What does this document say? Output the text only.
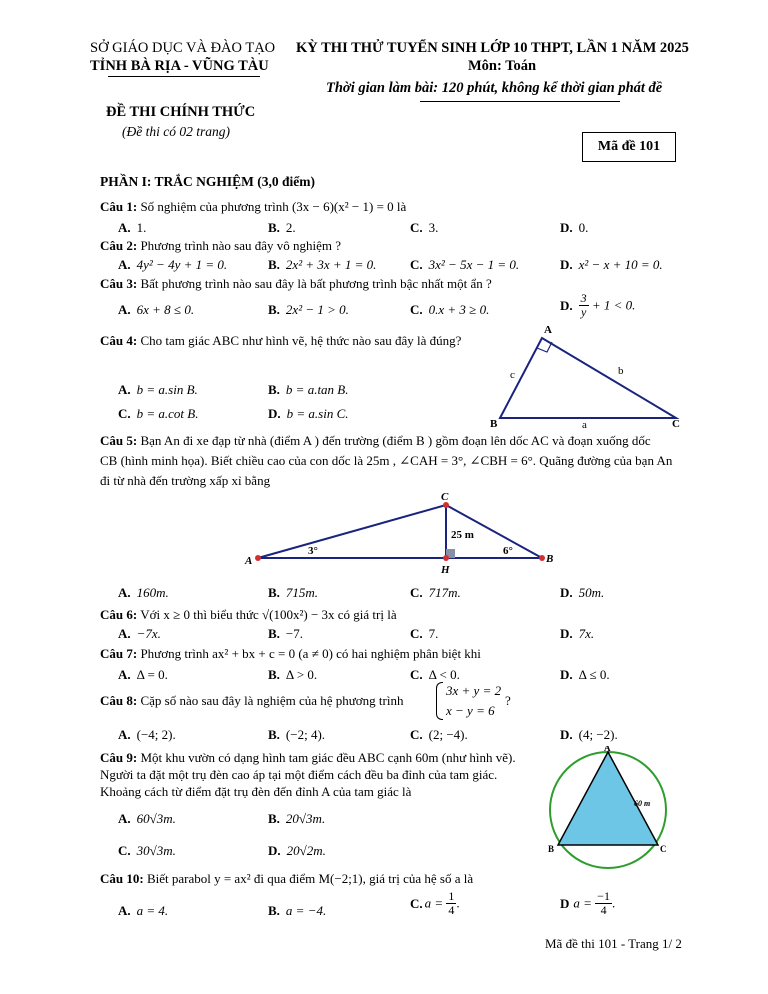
SỞ GIÁO DỤC VÀ ĐÀO TẠO
TỈNH BÀ RỊA - VŨNG TÀU
KỲ THI THỬ TUYỂN SINH LỚP 10 THPT, LẦN 1 NĂM 2025
Môn: Toán
Thời gian làm bài: 120 phút, không kể thời gian phát đề
ĐỀ THI CHÍNH THỨC
(Đề thi có 02 trang)
Mã đề 101
PHẦN I: TRẮC NGHIỆM (3,0 điểm)
Câu 1: Số nghiệm của phương trình (3x − 6)(x² − 1) = 0 là
A. 1.	B. 2.	C. 3.	D. 0.
Câu 2: Phương trình nào sau đây vô nghiệm ?
A. 4y² − 4y + 1 = 0.	B. 2x² + 3x + 1 = 0.	C. 3x² − 5x − 1 = 0.	D. x² − x + 10 = 0.
Câu 3: Bất phương trình nào sau đây là bất phương trình bậc nhất một ẩn ?
A. 6x + 8 ≤ 0.	B. 2x² − 1 > 0.	C. 0.x + 3 ≥ 0.	D. $\frac{3}{y} + 1 < 0$.
Câu 4: Cho tam giác ABC như hình vẽ, hệ thức nào sau đây là đúng?
A. b = a.sin B.	B. b = a.tan B.
C. b = a.cot B.	D. b = a.sin C.
A
B	C
a
b
c
Câu 5: Bạn An đi xe đạp từ nhà (điểm A ) đến trường (điểm B ) gồm đoạn lên dốc AC và đoạn xuống dốc
CB (hình minh họa). Biết chiều cao của con dốc là 25m , ∠CAH = 3°, ∠CBH = 6°. Quãng đường của bạn An
đi từ nhà đến trường xấp xỉ bằng
A
C
H
B
25 m
3°	6°
A. 160m.	B. 715m.	C. 717m.	D. 50m.
Câu 6: Với x ≥ 0 thì biểu thức √(100x²) − 3x có giá trị là
A. −7x.	B. −7.	C. 7.	D. 7x.
Câu 7: Phương trình ax² + bx + c = 0 (a ≠ 0) có hai nghiệm phân biệt khi
A. Δ = 0.	B. Δ > 0.	C. Δ < 0.	D. Δ ≤ 0.
Câu 8: Cặp số nào sau đây là nghiệm của hệ phương trình
3x + y = 2
x − y = 6
?
A. (−4; 2).	B. (−2; 4).	C. (2; −4).	D. (4; −2).
Câu 9: Một khu vườn có dạng hình tam giác đều ABC cạnh 60m (như hình vẽ).
Người ta đặt một trụ đèn cao áp tại một điểm cách đều ba đỉnh của tam giác.
Khoảng cách từ điểm đặt trụ đèn đến đỉnh A của tam giác là
A. 60√3m.	B. 20√3m.
C. 30√3m.	D. 20√2m.
A
B	C
60 m
Câu 10: Biết parabol y = ax² đi qua điểm M(−2;1), giá trị của hệ số a là
A. a = 4.	B. a = −4.	C. $a = \frac{1}{4}$ .	D $a = \frac{-1}{4}$ .
Mã đề thi 101 - Trang 1/ 2
